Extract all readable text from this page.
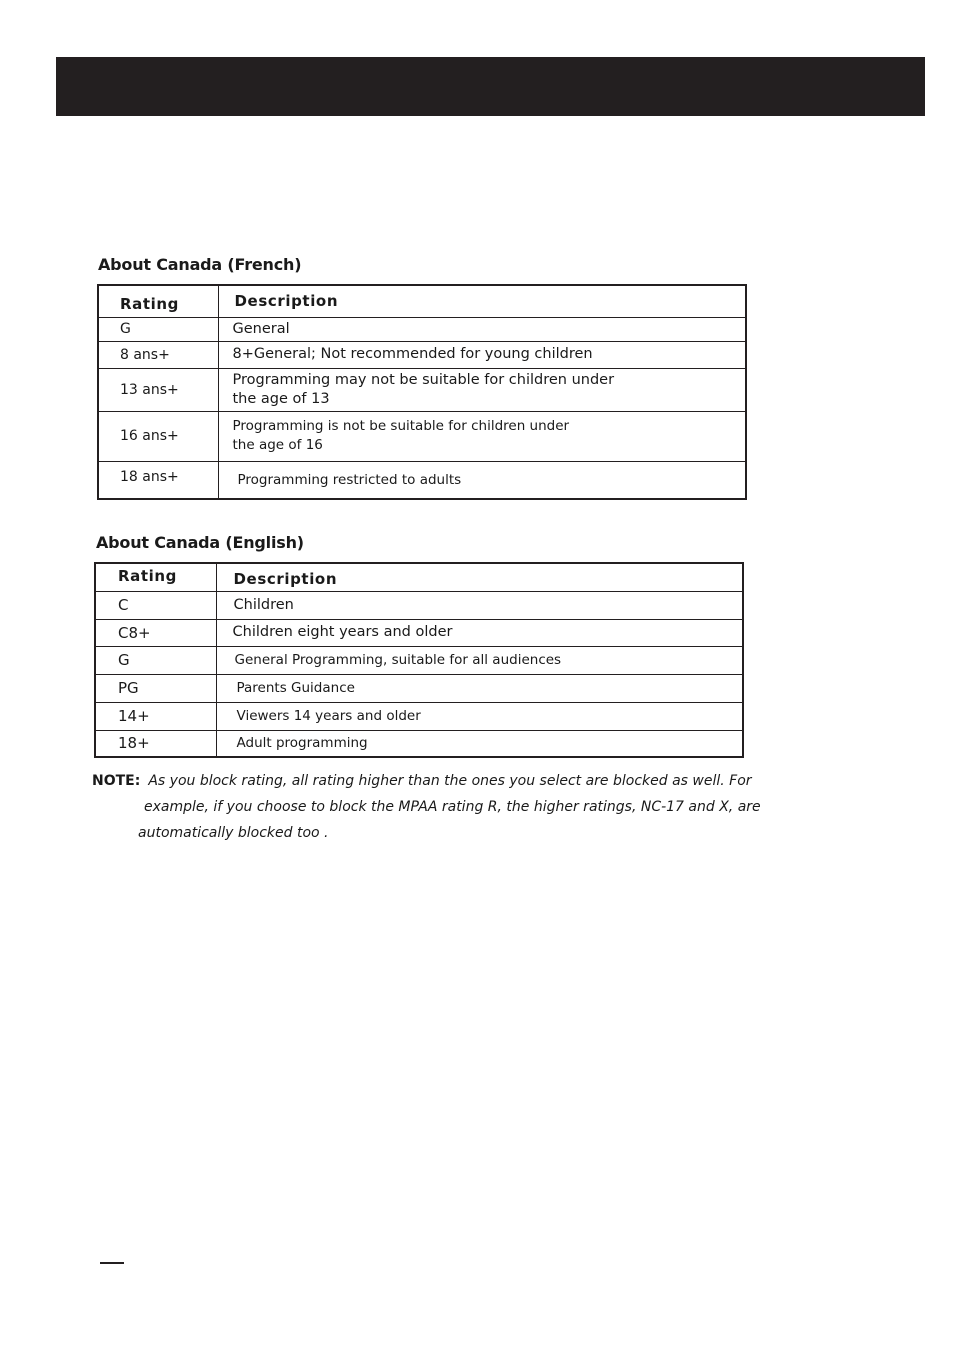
About Canada (French)
Rating	Description
G	General
8 ans+	8+General; Not recommended for young children
13 ans+	Programming may not be suitable for children under
the age of 13

16 ans+	Programming is not be suitable for children under
the age of 16

18 ans+	Programming restricted to adults
About Canada (English)
Rating	Description
C	Children
C8+	Children eight years and older
G	General Programming, suitable for all audiences
PG	Parents Guidance
14+	Viewers 14 years and older
18+	Adult programming
NOTE: As you block rating, all rating higher than the ones you select are blocked as well. For
example, if you choose to block the MPAA rating R, the higher ratings, NC-17 and X, are
automatically blocked too .
